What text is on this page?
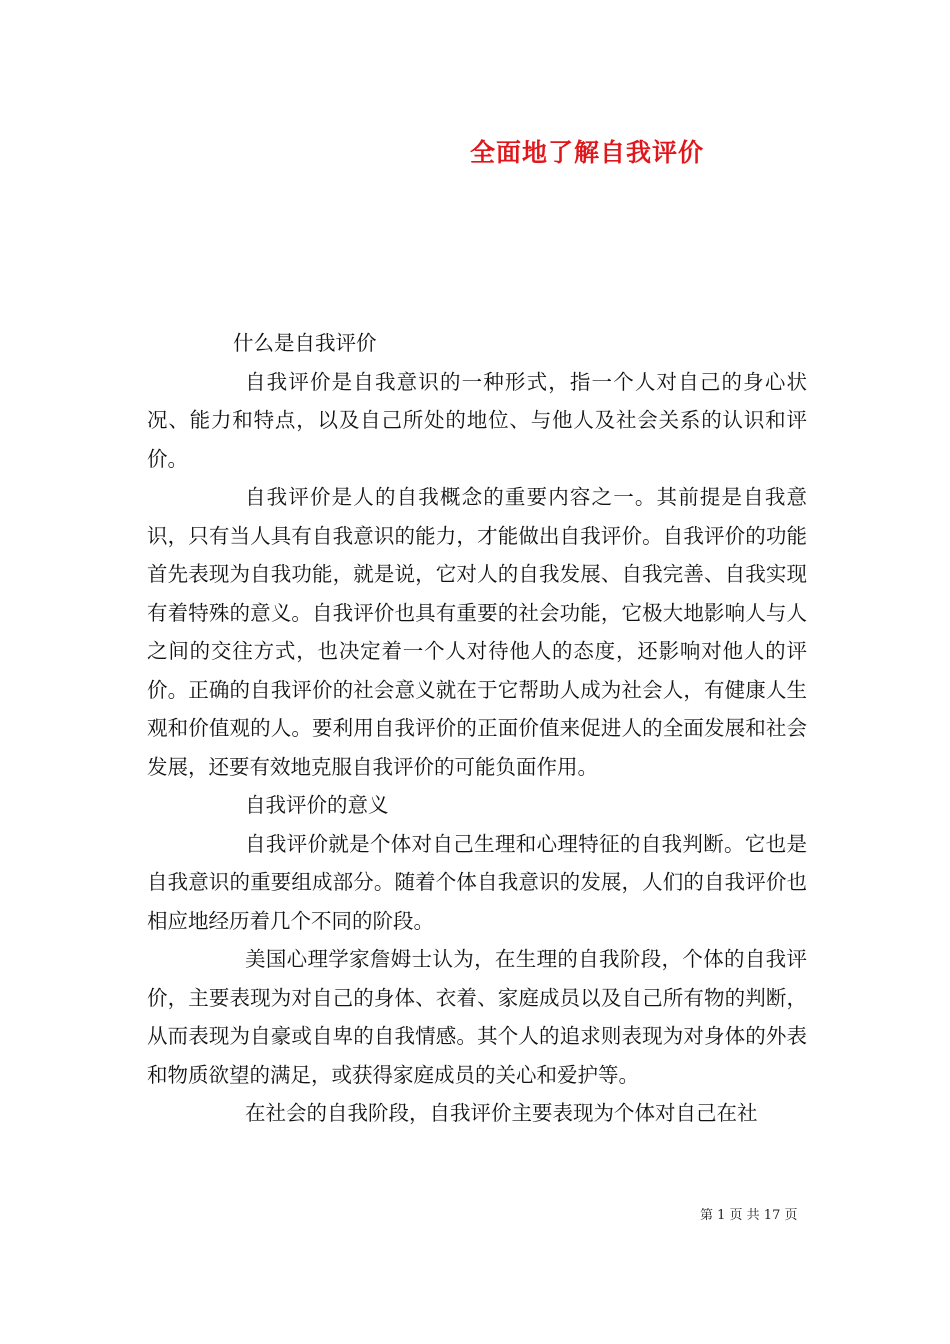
全面地了解自我评价

什么是自我评价

自我评价是自我意识的一种形式，指一个人对自己的身心状况、能力和特点，以及自己所处的地位、与他人及社会关系的认识和评价。

自我评价是人的自我概念的重要内容之一。其前提是自我意识，只有当人具有自我意识的能力，才能做出自我评价。自我评价的功能首先表现为自我功能，就是说，它对人的自我发展、自我完善、自我实现有着特殊的意义。自我评价也具有重要的社会功能，它极大地影响人与人之间的交往方式，也决定着一个人对待他人的态度，还影响对他人的评价。正确的自我评价的社会意义就在于它帮助人成为社会人，有健康人生观和价值观的人。要利用自我评价的正面价值来促进人的全面发展和社会发展，还要有效地克服自我评价的可能负面作用。

自我评价的意义

自我评价就是个体对自己生理和心理特征的自我判断。它也是自我意识的重要组成部分。随着个体自我意识的发展，人们的自我评价也相应地经历着几个不同的阶段。

美国心理学家詹姆士认为，在生理的自我阶段，个体的自我评价，主要表现为对自己的身体、衣着、家庭成员以及自己所有物的判断，从而表现为自豪或自卑的自我情感。其个人的追求则表现为对身体的外表和物质欲望的满足，或获得家庭成员的关心和爱护等。

在社会的自我阶段，自我评价主要表现为个体对自己在社

第 1 页 共 17 页
